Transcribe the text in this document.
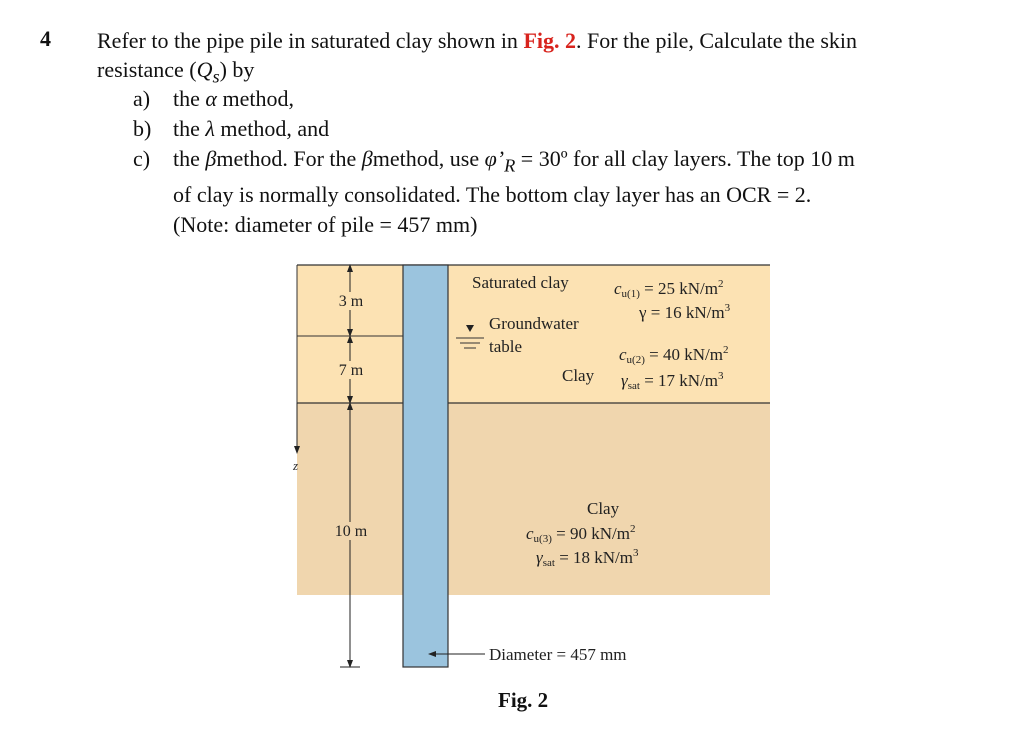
4 Refer to the pipe pile in saturated clay shown in Fig. 2. For the pile, Calculate the skin
resistance $(Q_s)$ by
a)	the α method,
b) the λ method, and
c)	the βmethod. For the βmethod, use $\varphi’_R$ = 30º for all clay layers. The top 10 m
of clay is normally consolidated. The bottom clay layer has an OCR = 2.
(Note: diameter of pile = 457 mm)
3 m
7 m
10 m
z
Saturated clay	cu(1) = 25 $kN/m^2$
γ = 16 $kN/m^3$
Groundwater
table	cu(2) = 40 $kN/m^2$
Clay γsat = 17 $kN/m^3$
Clay
cu(3) = 90 $kN/m^2$
γsat = 18 $kN/m^3$
Diameter = 457 mm
Fig. 2
